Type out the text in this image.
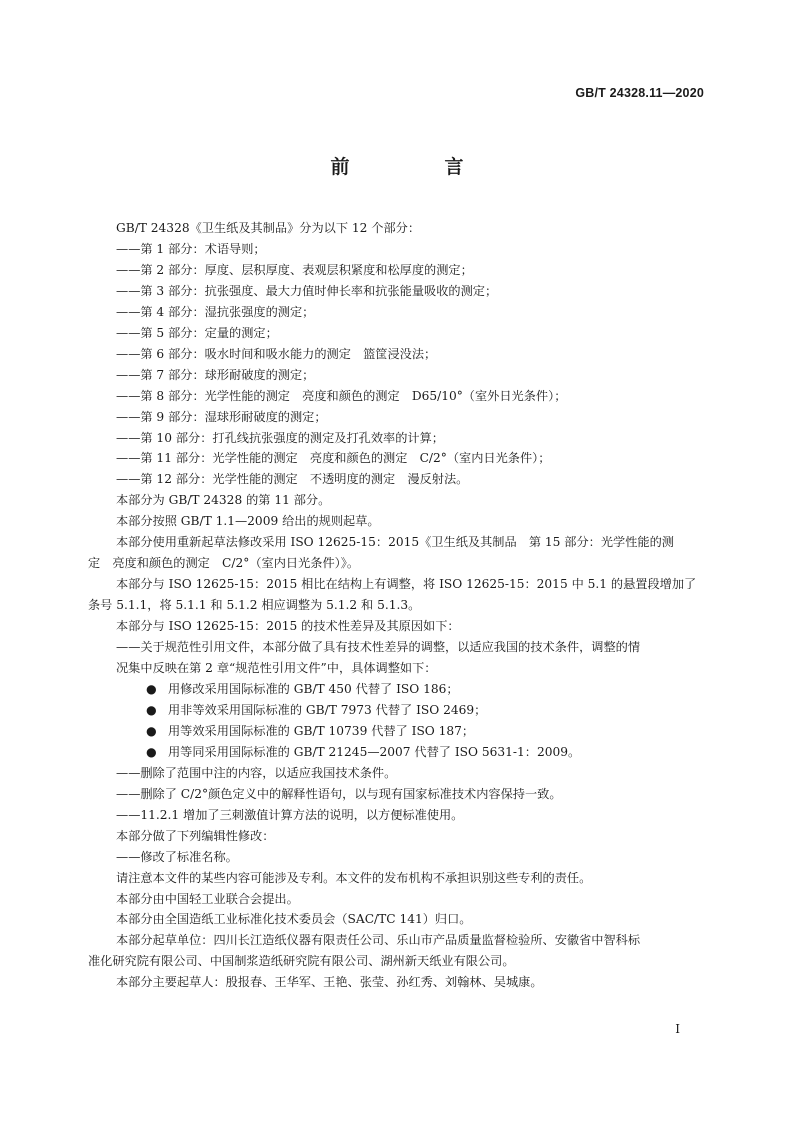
GB/T 24328.11—2020
前　言

GB/T 24328《卫生纸及其制品》分为以下 12 个部分：

——第 1 部分：术语导则；

——第 2 部分：厚度、层积厚度、表观层积紧度和松厚度的测定；

——第 3 部分：抗张强度、最大力值时伸长率和抗张能量吸收的测定；

——第 4 部分：湿抗张强度的测定；

——第 5 部分：定量的测定；

——第 6 部分：吸水时间和吸水能力的测定　篮筐浸没法；

——第 7 部分：球形耐破度的测定；

——第 8 部分：光学性能的测定　亮度和颜色的测定　D65/10°（室外日光条件）；

——第 9 部分：湿球形耐破度的测定；

——第 10 部分：打孔线抗张强度的测定及打孔效率的计算；

——第 11 部分：光学性能的测定　亮度和颜色的测定　C/2°（室内日光条件）；

——第 12 部分：光学性能的测定　不透明度的测定　漫反射法。

本部分为 GB/T 24328 的第 11 部分。

本部分按照 GB/T 1.1—2009 给出的规则起草。

本部分使用重新起草法修改采用 ISO 12625-15：2015《卫生纸及其制品　第 15 部分：光学性能的测

定　亮度和颜色的测定　C/2°（室内日光条件）》。

本部分与 ISO 12625-15：2015 相比在结构上有调整，将 ISO 12625-15：2015 中 5.1 的悬置段增加了

条号 5.1.1，将 5.1.1 和 5.1.2 相应调整为 5.1.2 和 5.1.3。

本部分与 ISO 12625-15：2015 的技术性差异及其原因如下：

——关于规范性引用文件，本部分做了具有技术性差异的调整，以适应我国的技术条件，调整的情

况集中反映在第 2 章“规范性引用文件”中，具体调整如下：

● 用修改采用国际标准的 GB/T 450 代替了 ISO 186；

● 用非等效采用国际标准的 GB/T 7973 代替了 ISO 2469；

● 用等效采用国际标准的 GB/T 10739 代替了 ISO 187；

● 用等同采用国际标准的 GB/T 21245—2007 代替了 ISO 5631-1：2009。

——删除了范围中注的内容，以适应我国技术条件。

——删除了 C/2°颜色定义中的解释性语句，以与现有国家标准技术内容保持一致。

——11.2.1 增加了三刺激值计算方法的说明，以方便标准使用。

本部分做了下列编辑性修改：

——修改了标准名称。

请注意本文件的某些内容可能涉及专利。本文件的发布机构不承担识别这些专利的责任。

本部分由中国轻工业联合会提出。

本部分由全国造纸工业标准化技术委员会（SAC/TC 141）归口。

本部分起草单位：四川长江造纸仪器有限责任公司、乐山市产品质量监督检验所、安徽省中智科标

准化研究院有限公司、中国制浆造纸研究院有限公司、湖州新天纸业有限公司。

本部分主要起草人：殷报春、王华军、王艳、张莹、孙红秀、刘翰林、吴城康。

I
